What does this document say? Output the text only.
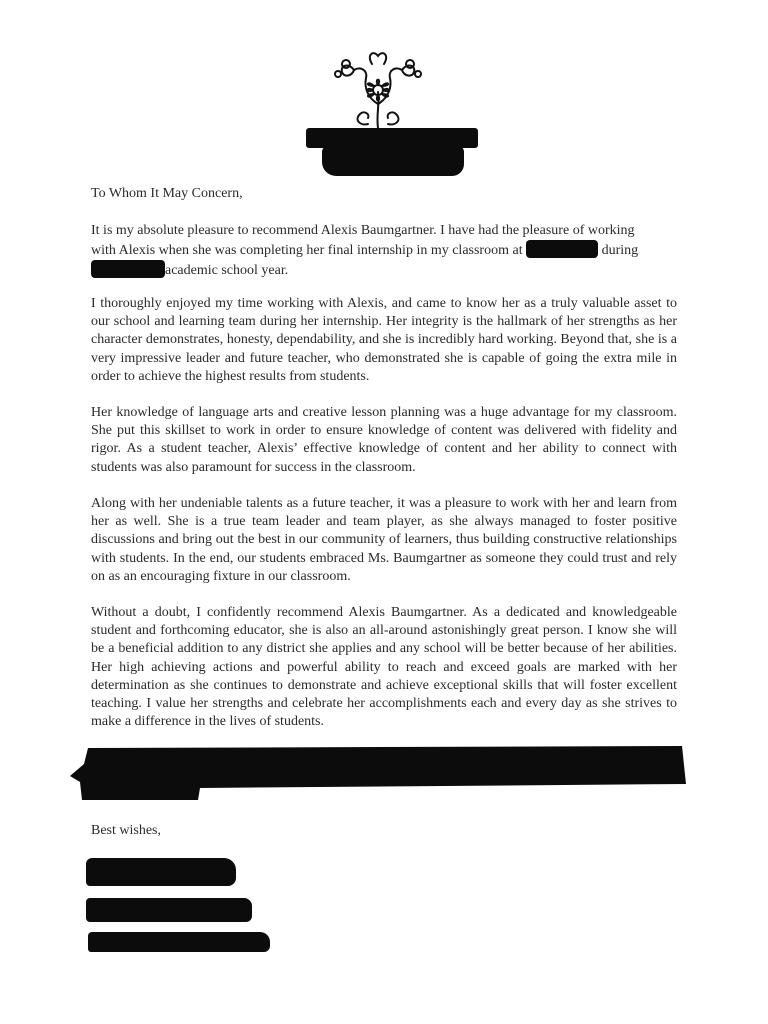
To Whom It May Concern,

It is my absolute pleasure to recommend Alexis Baumgartner. I have had the pleasure of working
with Alexis when she was completing her final internship in my classroom at	during
academic school year.

I thoroughly enjoyed my time working with Alexis, and came to know her as a truly valuable asset to our school and learning team during her internship. Her integrity is the hallmark of her strengths as her character demonstrates, honesty, dependability, and she is incredibly hard working. Beyond that, she is a very impressive leader and future teacher, who demonstrated she is capable of going the extra mile in order to achieve the highest results from students.

Her knowledge of language arts and creative lesson planning was a huge advantage for my classroom. She put this skillset to work in order to ensure knowledge of content was delivered with fidelity and rigor. As a student teacher, Alexis’ effective knowledge of content and her ability to connect with students was also paramount for success in the classroom.

Along with her undeniable talents as a future teacher, it was a pleasure to work with her and learn from her as well. She is a true team leader and team player, as she always managed to foster positive discussions and bring out the best in our community of learners, thus building constructive relationships with students. In the end, our students embraced Ms. Baumgartner as someone they could trust and rely on as an encouraging fixture in our classroom.

Without a doubt, I confidently recommend Alexis Baumgartner. As a dedicated and knowledgeable student and forthcoming educator, she is also an all-around astonishingly great person. I know she will be a beneficial addition to any district she applies and any school will be better because of her abilities. Her high achieving actions and powerful ability to reach and exceed goals are marked with her determination as she continues to demonstrate and achieve exceptional skills that will foster excellent teaching. I value her strengths and celebrate her accomplishments each and every day as she strives to make a difference in the lives of students.

Best wishes,
